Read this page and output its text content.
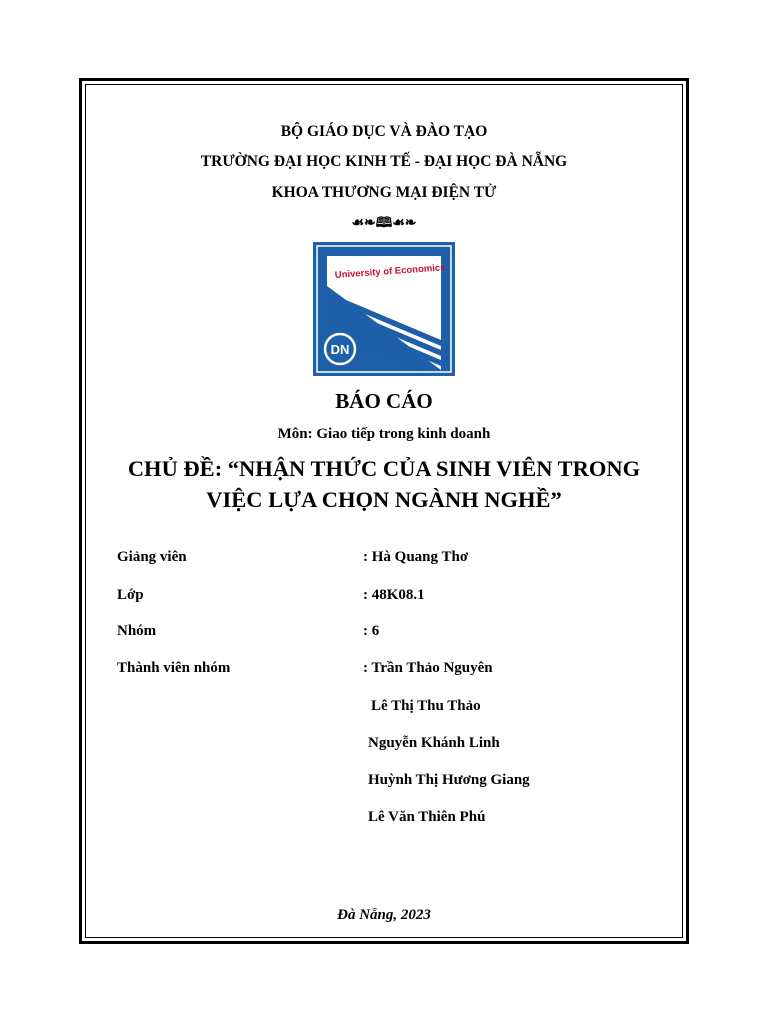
BỘ GIÁO DỤC VÀ ĐÀO TẠO
TRƯỜNG ĐẠI HỌC KINH TẾ - ĐẠI HỌC ĐÀ NẴNG
KHOA THƯƠNG MẠI ĐIỆN TỬ
☙❧🕮☙❧
University of Economics
DN
BÁO CÁO
Môn: Giao tiếp trong kinh doanh
CHỦ ĐỀ: “NHẬN THỨC CỦA SINH VIÊN TRONG
VIỆC LỰA CHỌN NGÀNH NGHỀ”
Giảng viên	: Hà Quang Thơ
Lớp	: 48K08.1
Nhóm	: 6
Thành viên nhóm	: Trần Thảo Nguyên
Lê Thị Thu Thảo
Nguyễn Khánh Linh
Huỳnh Thị Hương Giang
Lê Văn Thiên Phú
Đà Nẵng, 2023
